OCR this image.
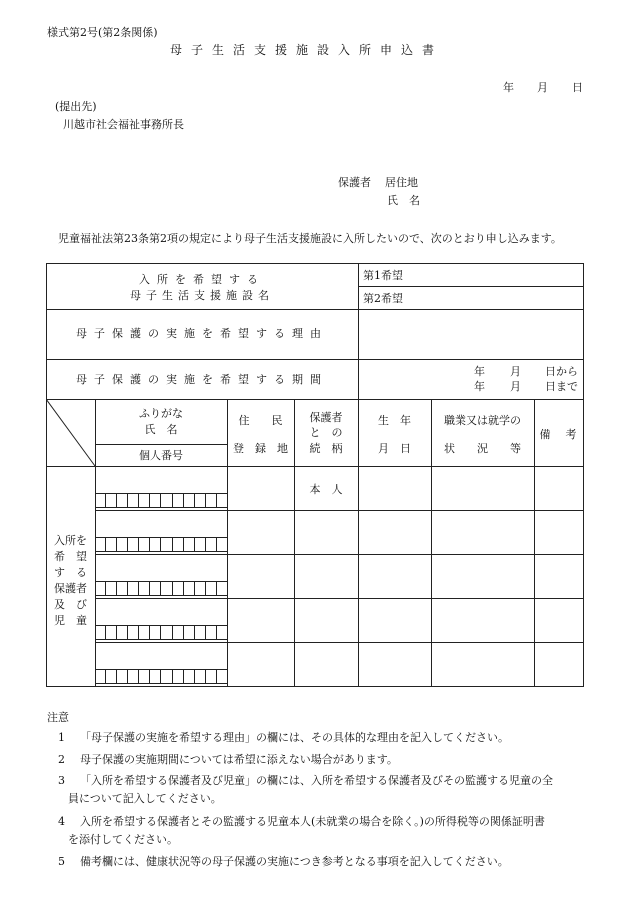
様式第2号(第2条関係)
母子生活支援施設入所申込書
年 月 日
(提出先)
川越市社会福祉事務所長
保護者 居住地
氏　名
児童福祉法第23条第2項の規定により母子生活支援施設に入所したいので、次のとおり申し込みます。
入所を希望する
母子生活支援施設名
第1希望
第2希望
母子保護の実施を希望する理由
母子保護の実施を希望する期間
年 月 日から
年 月 日まで
ふりがな
氏　名
個人番号
住　　民
登　録　地
保護者
と　の
続　柄
生　年
月　日
職業又は就学の
状　　況　　等
備　考
本　人
入所を
希　望
す　る
保護者
及　び
児　童
注意
1 「母子保護の実施を希望する理由」の欄には、その具体的な理由を記入してください。
2 母子保護の実施期間については希望に添えない場合があります。
3 「入所を希望する保護者及び児童」の欄には、入所を希望する保護者及びその監護する児童の全
員について記入してください。
4 入所を希望する保護者とその監護する児童本人(未就業の場合を除く。)の所得税等の関係証明書
を添付してください。
5 備考欄には、健康状況等の母子保護の実施につき参考となる事項を記入してください。
